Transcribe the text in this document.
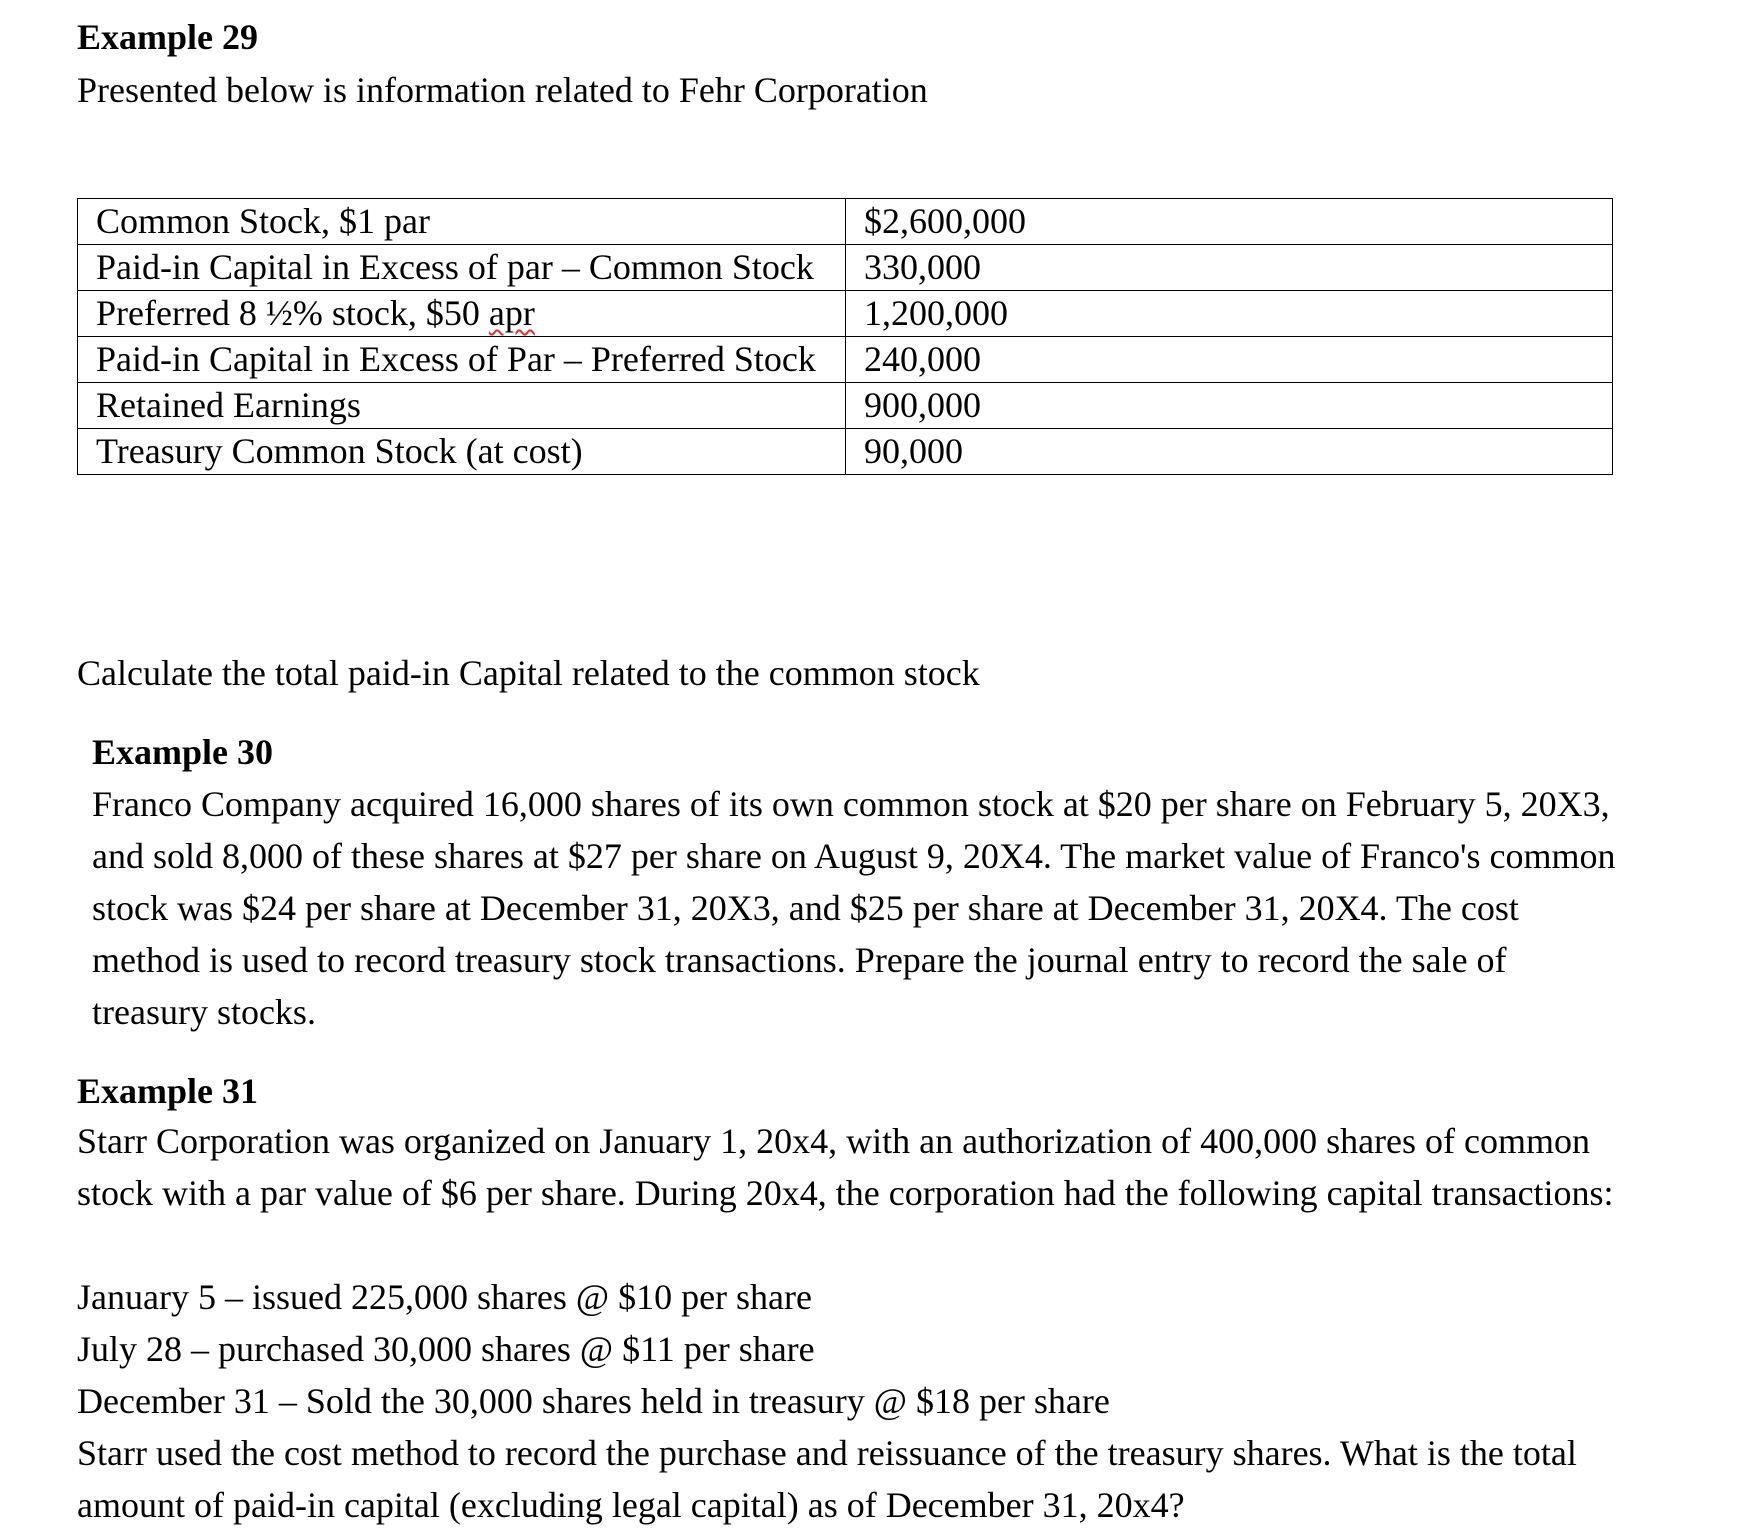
Example 29
Presented below is information related to Fehr Corporation
Common Stock, $1 par	$2,600,000
Paid-in Capital in Excess of par – Common Stock	330,000
Preferred 8 ½% stock, $50 apr	1,200,000
Paid-in Capital in Excess of Par – Preferred Stock	240,000
Retained Earnings	900,000
Treasury Common Stock (at cost)	90,000
Calculate the total paid-in Capital related to the common stock
Example 30
Franco Company acquired 16,000 shares of its own common stock at $20 per share on February 5, 20X3, and sold 8,000 of these shares at $27 per share on August 9, 20X4. The market value of Franco's common stock was $24 per share at December 31, 20X3, and $25 per share at December 31, 20X4. The cost method is used to record treasury stock transactions. Prepare the journal entry to record the sale of treasury stocks.
Example 31
Starr Corporation was organized on January 1, 20x4, with an authorization of 400,000 shares of common stock with a par value of $6 per share. During 20x4, the corporation had the following capital transactions:
January 5 – issued 225,000 shares @ $10 per share
July 28 – purchased 30,000 shares @ $11 per share
December 31 – Sold the 30,000 shares held in treasury @ $18 per share
Starr used the cost method to record the purchase and reissuance of the treasury shares. What is the total amount of paid-in capital (excluding legal capital) as of December 31, 20x4?
